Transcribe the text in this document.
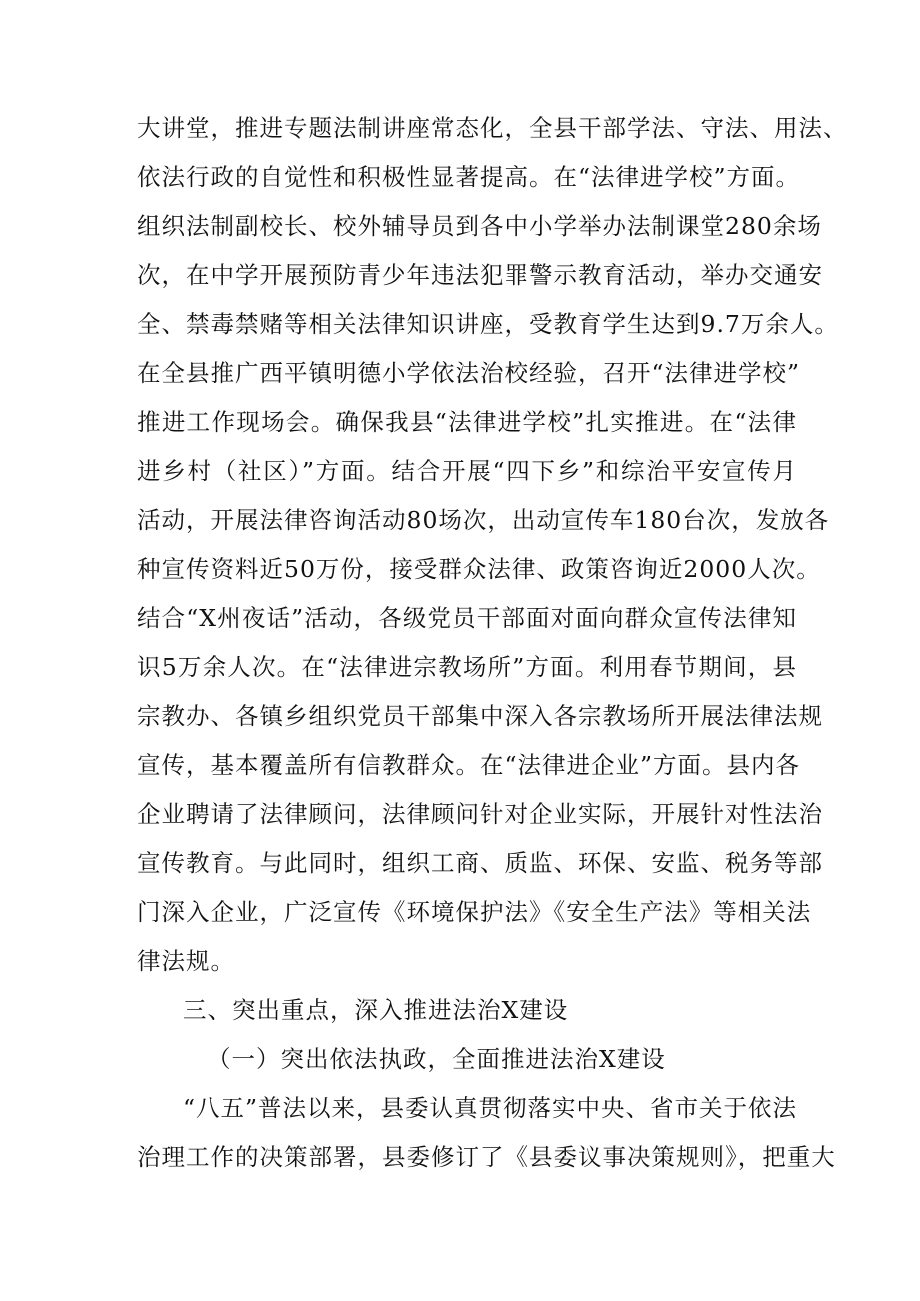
大讲堂，推进专题法制讲座常态化，全县干部学法、守法、用法、
依法行政的自觉性和积极性显著提高。在“法律进学校”方面。
组织法制副校长、校外辅导员到各中小学举办法制课堂280余场
次，在中学开展预防青少年违法犯罪警示教育活动，举办交通安
全、禁毒禁赌等相关法律知识讲座，受教育学生达到9.7万余人。
在全县推广西平镇明德小学依法治校经验，召开“法律进学校”
推进工作现场会。确保我县“法律进学校”扎实推进。在“法律
进乡村（社区）”方面。结合开展“四下乡”和综治平安宣传月
活动，开展法律咨询活动80场次，出动宣传车180台次，发放各
种宣传资料近50万份，接受群众法律、政策咨询近2000人次。
结合“X州夜话”活动，各级党员干部面对面向群众宣传法律知
识5万余人次。在“法律进宗教场所”方面。利用春节期间，县
宗教办、各镇乡组织党员干部集中深入各宗教场所开展法律法规
宣传，基本覆盖所有信教群众。在“法律进企业”方面。县内各
企业聘请了法律顾问，法律顾问针对企业实际，开展针对性法治
宣传教育。与此同时，组织工商、质监、环保、安监、税务等部
门深入企业，广泛宣传《环境保护法》《安全生产法》等相关法
律法规。
三、突出重点，深入推进法治X建设
（一）突出依法执政，全面推进法治X建设
“八五”普法以来，县委认真贯彻落实中央、省市关于依法
治理工作的决策部署，县委修订了《县委议事决策规则》，把重大
